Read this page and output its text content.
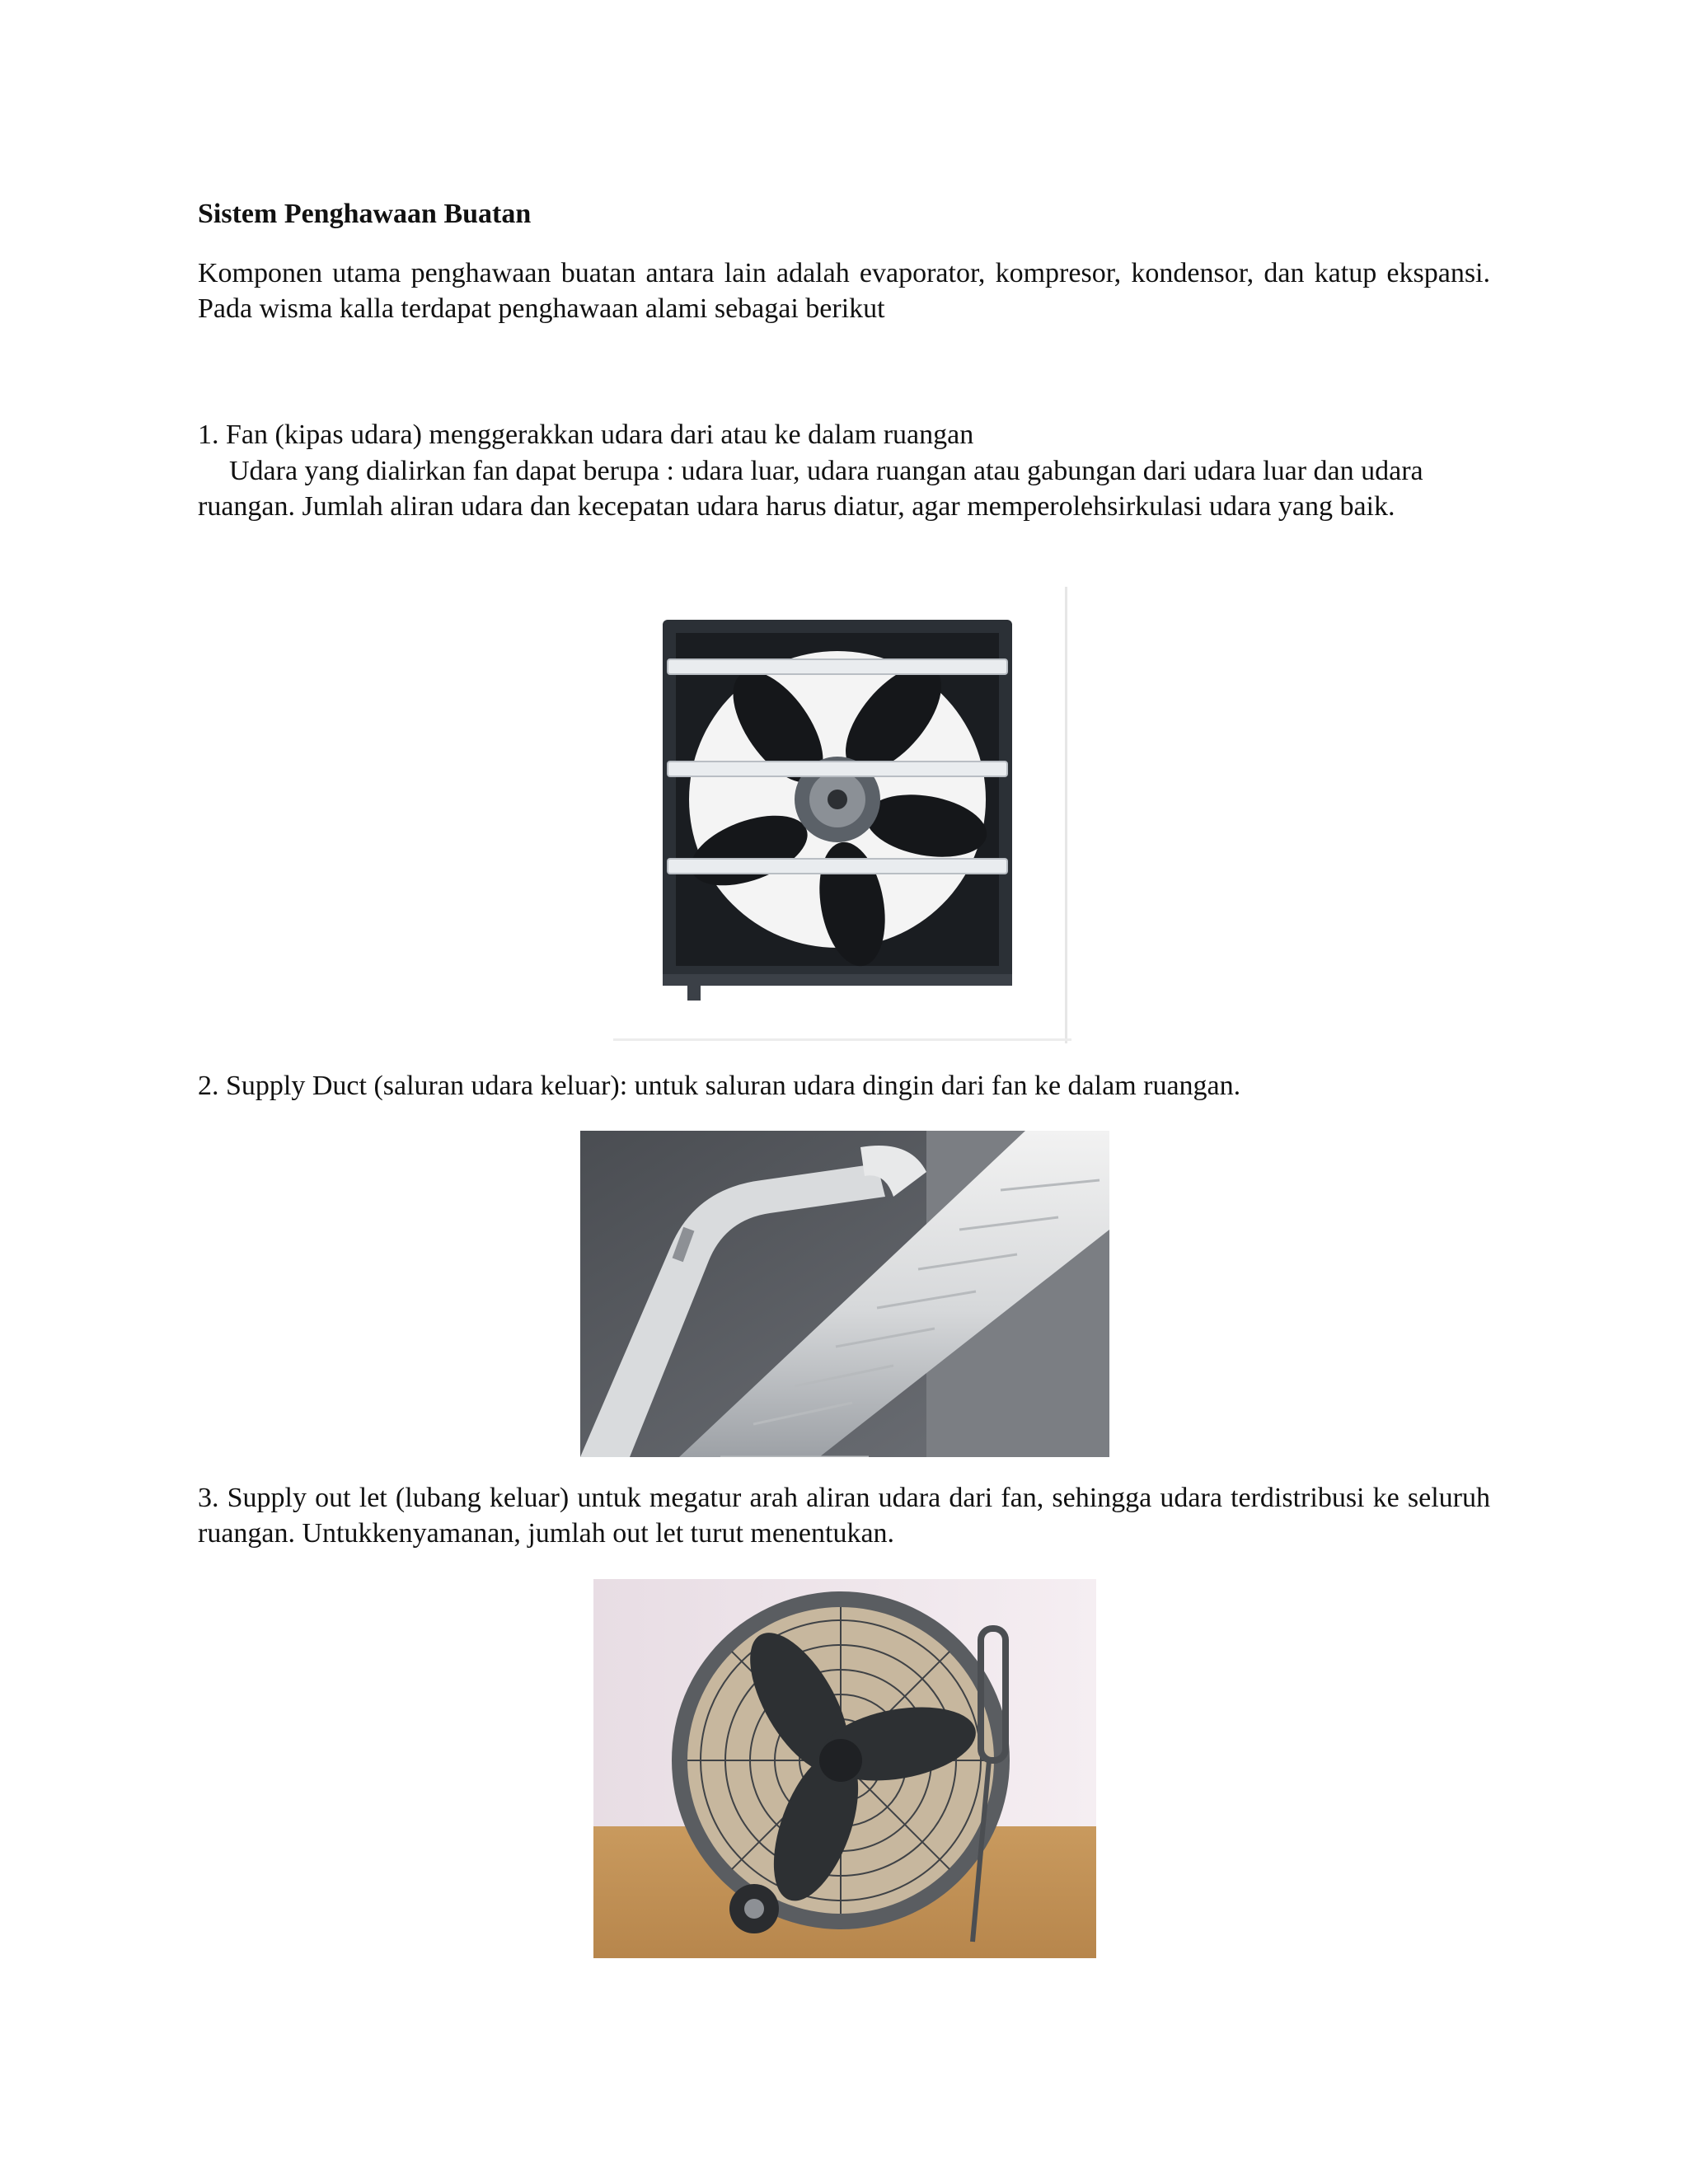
Sistem Penghawaan Buatan

Komponen utama penghawaan buatan antara lain adalah evaporator, kompresor, kondensor, dan katup ekspansi. Pada wisma kalla terdapat penghawaan alami sebagai berikut

1. Fan (kipas udara) menggerakkan udara dari atau ke dalam ruangan

Udara yang dialirkan fan dapat berupa : udara luar, udara ruangan atau gabungan dari udara luar dan udara ruangan. Jumlah aliran udara dan kecepatan udara harus diatur, agar memperolehsirkulasi udara yang baik.

2. Supply Duct (saluran udara keluar): untuk saluran udara dingin dari fan ke dalam ruangan.

3. Supply out let (lubang keluar) untuk megatur arah aliran udara dari fan, sehingga udara terdistribusi ke seluruh ruangan. Untukkenyamanan, jumlah out let turut menentukan.
